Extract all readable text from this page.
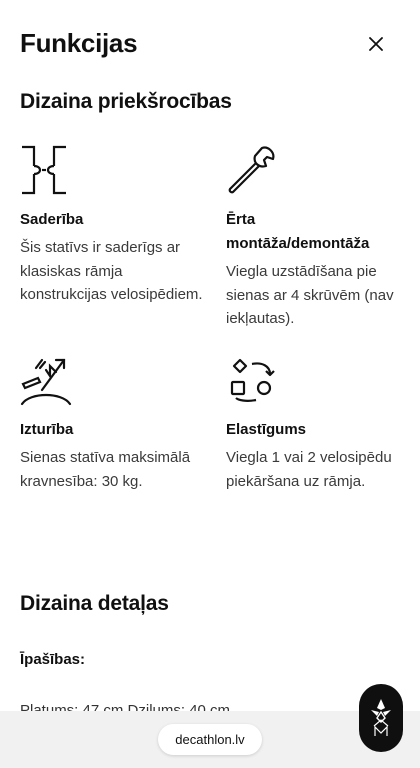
Funkcijas
Dizaina priekšrocības
Saderība
Šis statīvs ir saderīgs ar klasiskas rāmja konstrukcijas velosipēdiem.
Ērta montāža/demontāža
Viegla uzstādīšana pie sienas ar 4 skrūvēm (nav iekļautas).
Izturība
Sienas statīva maksimālā kravnesība: 30 kg.
Elastīgums
Viegla 1 vai 2 velosipēdu piekāršana uz rāmja.
Dizaina detaļas
Īpašības:
decathlon.lv
